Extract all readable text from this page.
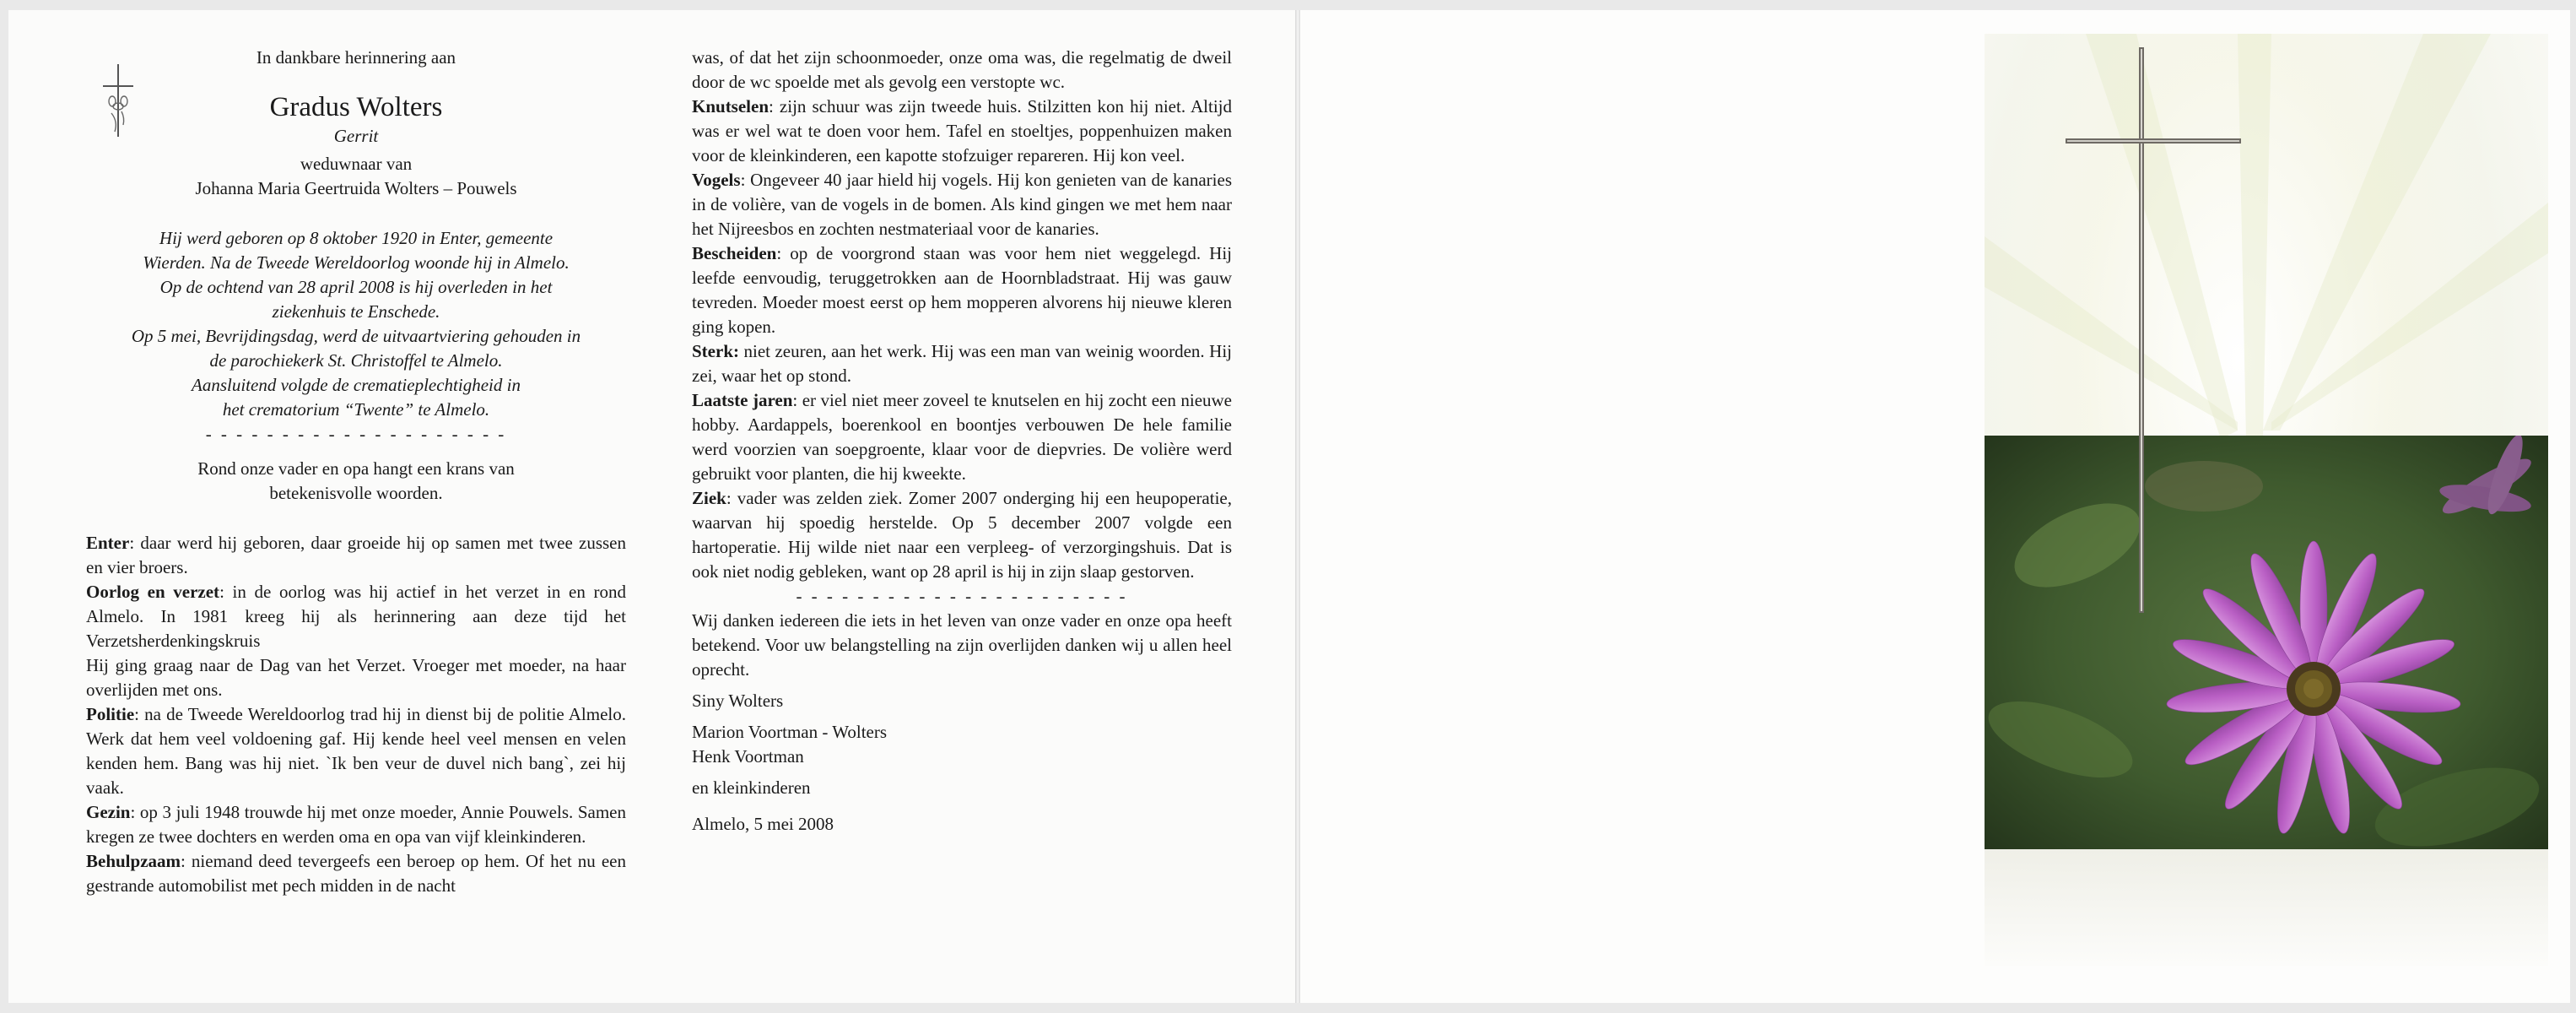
In dankbare herinnering aan

Gradus Wolters

Gerrit

weduwnaar van

Johanna Maria Geertruida Wolters – Pouwels

Hij werd geboren op 8 oktober 1920 in Enter, gemeente

Wierden. Na de Tweede Wereldoorlog woonde hij in Almelo.

Op de ochtend van 28 april 2008 is hij overleden in het

ziekenhuis te Enschede.

Op 5 mei, Bevrijdingsdag, werd de uitvaartviering gehouden in

de parochiekerk St. Christoffel te Almelo.

Aansluitend volgde de crematieplechtigheid in

het crematorium “Twente” te Almelo.

- - - - - - - - - - - - - - - - - - - -

Rond onze vader en opa hangt een krans van

betekenisvolle woorden.

Enter: daar werd hij geboren, daar groeide hij op samen met twee zussen en vier broers.

Oorlog en verzet: in de oorlog was hij actief in het verzet in en rond Almelo. In 1981 kreeg hij als herinnering aan deze tijd het Verzetsherdenkingskruis

Hij ging graag naar de Dag van het Verzet. Vroeger met moeder, na haar overlijden met ons.

Politie: na de Tweede Wereldoorlog trad hij in dienst bij de politie Almelo. Werk dat hem veel voldoening gaf. Hij kende heel veel mensen en velen kenden hem. Bang was hij niet. `Ik ben veur de duvel nich bang`, zei hij vaak.

Gezin: op 3 juli 1948 trouwde hij met onze moeder, Annie Pouwels. Samen kregen ze twee dochters en werden oma en opa van vijf kleinkinderen.

Behulpzaam: niemand deed tevergeefs een beroep op hem. Of het nu een gestrande automobilist met pech midden in de nacht

was, of dat het zijn schoonmoeder, onze oma was, die regelmatig de dweil door de wc spoelde met als gevolg een verstopte wc.

Knutselen: zijn schuur was zijn tweede huis. Stilzitten kon hij niet. Altijd was er wel wat te doen voor hem. Tafel en stoeltjes, poppenhuizen maken voor de kleinkinderen, een kapotte stofzuiger repareren. Hij kon veel.

Vogels: Ongeveer 40 jaar hield hij vogels. Hij kon genieten van de kanaries in de volière, van de vogels in de bomen. Als kind gingen we met hem naar het Nijreesbos en zochten nestmateriaal voor de kanaries.

Bescheiden: op de voorgrond staan was voor hem niet weggelegd. Hij leefde eenvoudig, teruggetrokken aan de Hoornbladstraat. Hij was gauw tevreden. Moeder moest eerst op hem mopperen alvorens hij nieuwe kleren ging kopen.

Sterk: niet zeuren, aan het werk. Hij was een man van weinig woorden. Hij zei, waar het op stond.

Laatste jaren: er viel niet meer zoveel te knutselen en hij zocht een nieuwe hobby. Aardappels, boerenkool en boontjes verbouwen De hele familie werd voorzien van soepgroente, klaar voor de diepvries. De volière werd gebruikt voor planten, die hij kweekte.

Ziek: vader was zelden ziek. Zomer 2007 onderging hij een heupoperatie, waarvan hij spoedig herstelde. Op 5 december 2007 volgde een hartoperatie. Hij wilde niet naar een verpleeg- of verzorgingshuis. Dat is ook niet nodig gebleken, want op 28 april is hij in zijn slaap gestorven.

- - - - - - - - - - - - - - - - - - - - - -

Wij danken iedereen die iets in het leven van onze vader en onze opa heeft betekend. Voor uw belangstelling na zijn overlijden danken wij u allen heel oprecht.

Siny Wolters

Marion Voortman - Wolters

Henk Voortman

en kleinkinderen

Almelo, 5 mei 2008
